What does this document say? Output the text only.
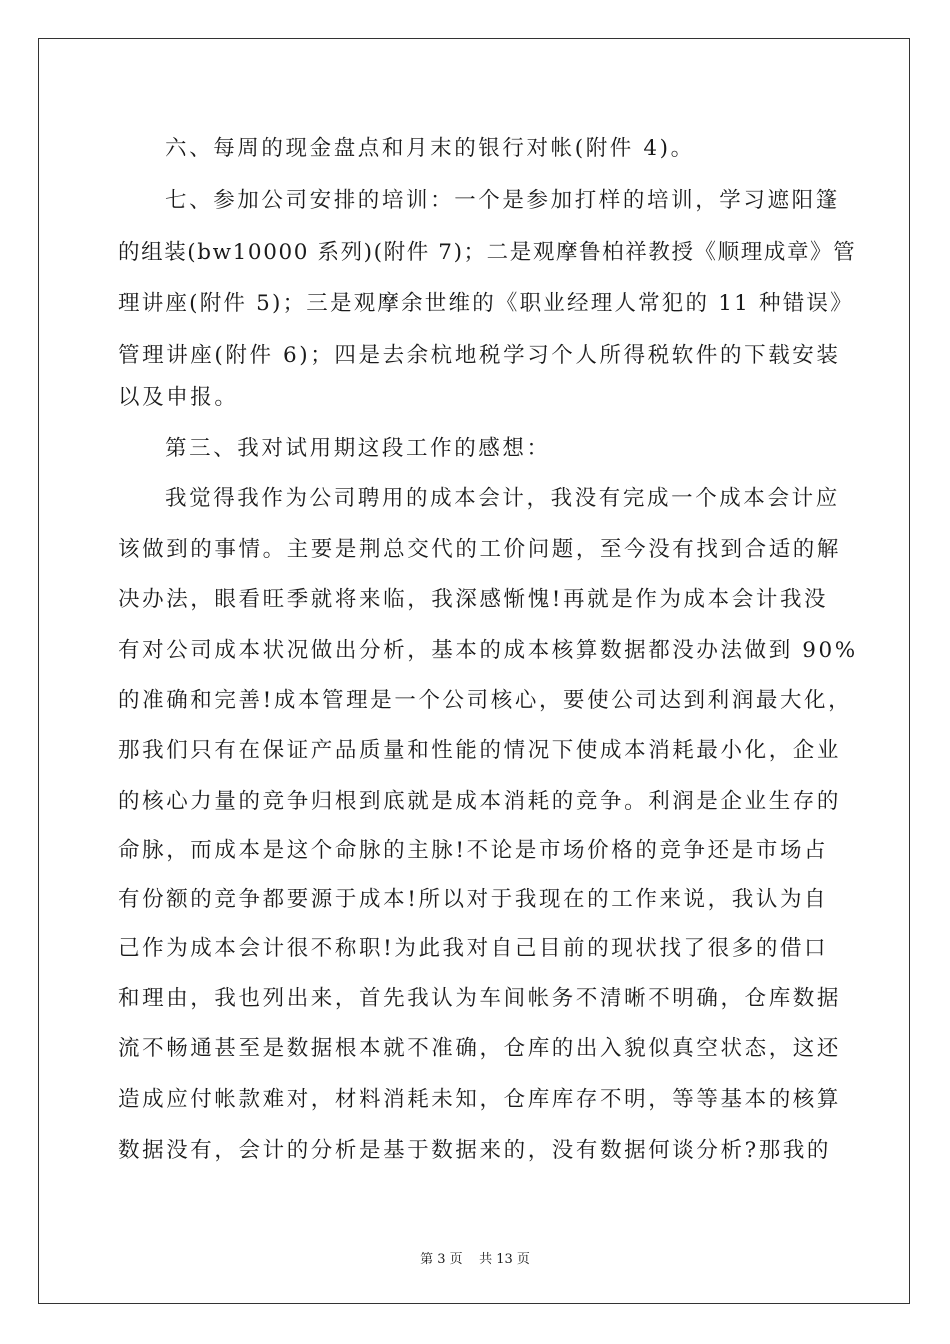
六、每周的现金盘点和月末的银行对帐(附件 4)。
七、参加公司安排的培训：一个是参加打样的培训，学习遮阳篷
的组装(bw10000 系列)(附件 7)；二是观摩鲁柏祥教授《顺理成章》管
理讲座(附件 5)；三是观摩余世维的《职业经理人常犯的 11 种错误》
管理讲座(附件 6)；四是去余杭地税学习个人所得税软件的下载安装
以及申报。
第三、我对试用期这段工作的感想：
我觉得我作为公司聘用的成本会计，我没有完成一个成本会计应
该做到的事情。主要是荆总交代的工价问题，至今没有找到合适的解
决办法，眼看旺季就将来临，我深感惭愧!再就是作为成本会计我没
有对公司成本状况做出分析，基本的成本核算数据都没办法做到 90%
的准确和完善!成本管理是一个公司核心，要使公司达到利润最大化，
那我们只有在保证产品质量和性能的情况下使成本消耗最小化，企业
的核心力量的竞争归根到底就是成本消耗的竞争。利润是企业生存的
命脉，而成本是这个命脉的主脉!不论是市场价格的竞争还是市场占
有份额的竞争都要源于成本!所以对于我现在的工作来说，我认为自
己作为成本会计很不称职!为此我对自己目前的现状找了很多的借口
和理由，我也列出来，首先我认为车间帐务不清晰不明确，仓库数据
流不畅通甚至是数据根本就不准确，仓库的出入貌似真空状态，这还
造成应付帐款难对，材料消耗未知，仓库库存不明，等等基本的核算
数据没有，会计的分析是基于数据来的，没有数据何谈分析?那我的
第 3 页    共 13 页
